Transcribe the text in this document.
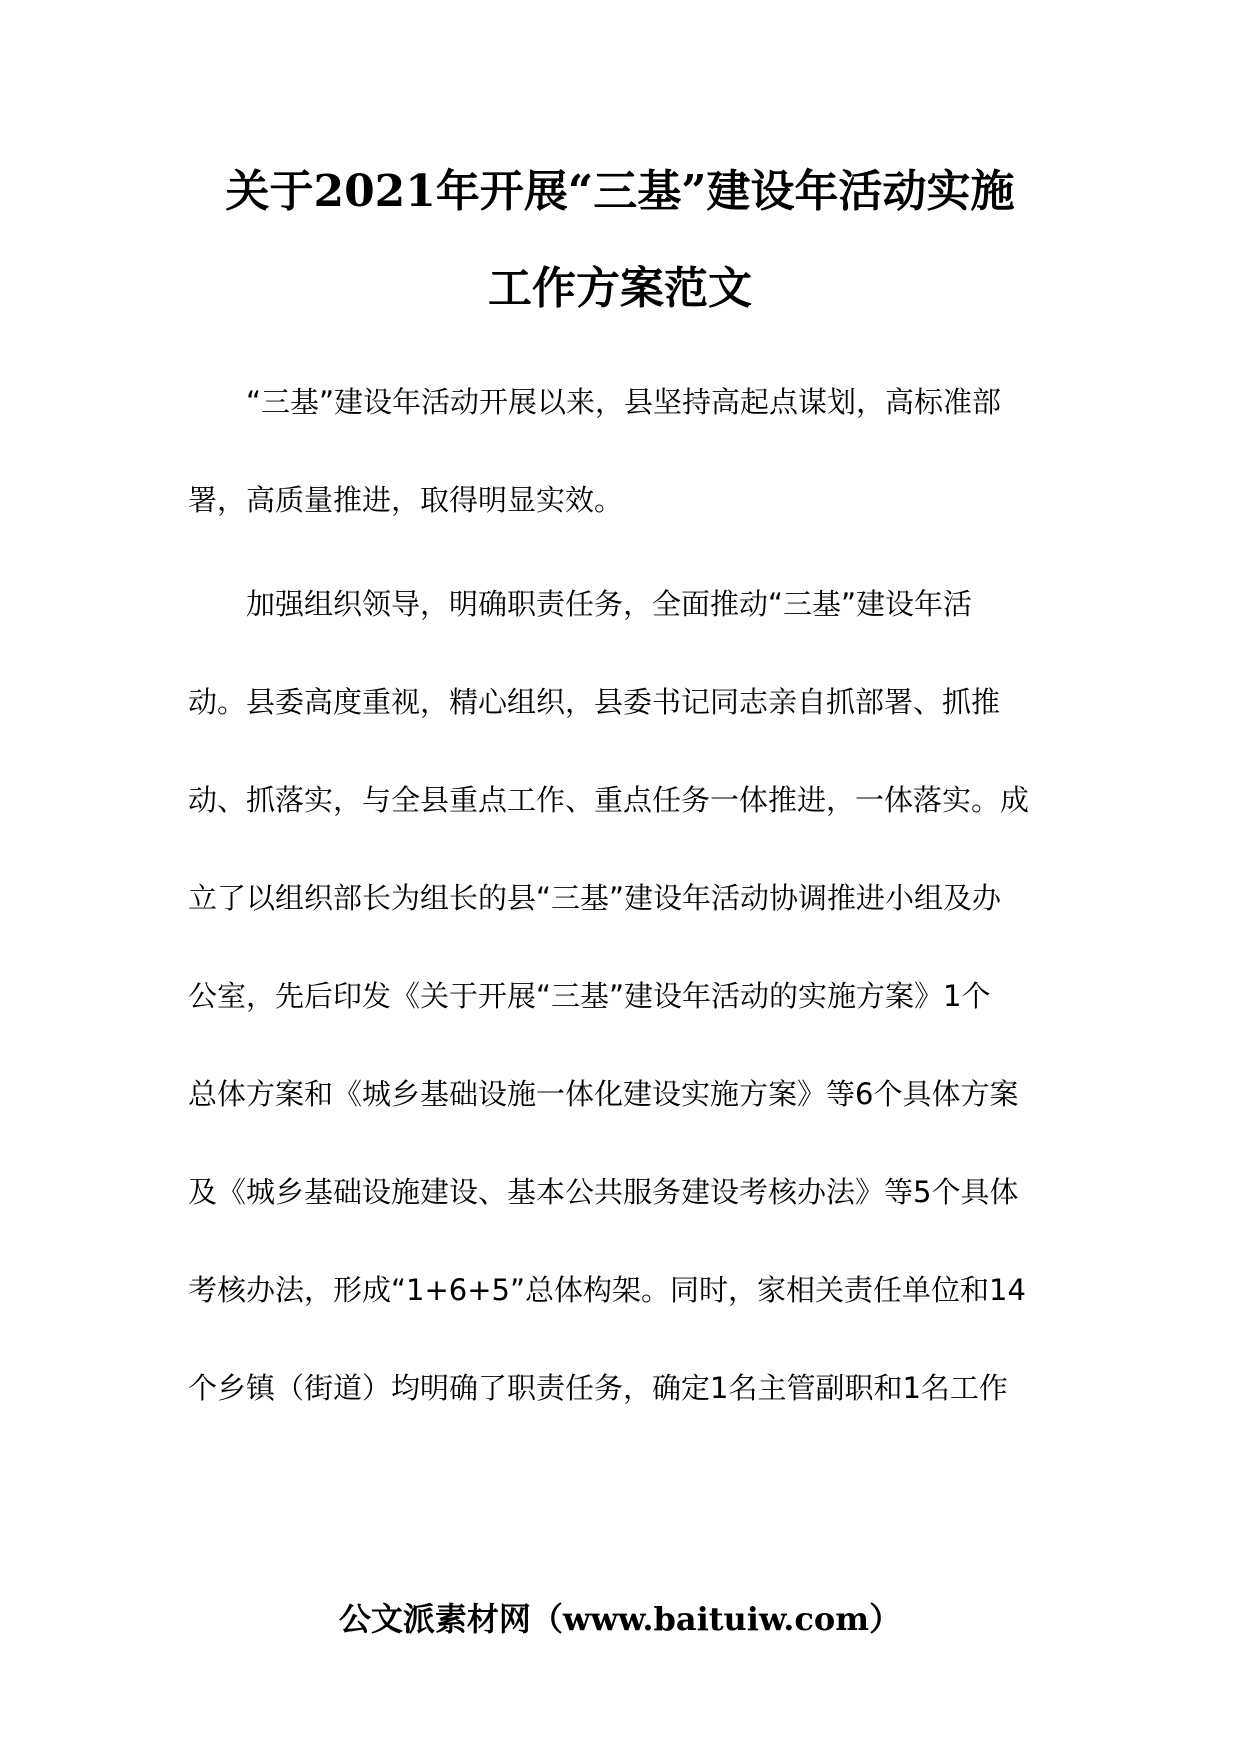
关于2021年开展“三基”建设年活动实施
工作方案范文
“三基”建设年活动开展以来，县坚持高起点谋划，高标准部
署，高质量推进，取得明显实效。
加强组织领导，明确职责任务，全面推动“三基”建设年活
动。县委高度重视，精心组织，县委书记同志亲自抓部署、抓推
动、抓落实，与全县重点工作、重点任务一体推进，一体落实。成
立了以组织部长为组长的县“三基”建设年活动协调推进小组及办
公室，先后印发《关于开展“三基”建设年活动的实施方案》1个
总体方案和《城乡基础设施一体化建设实施方案》等6个具体方案
及《城乡基础设施建设、基本公共服务建设考核办法》等5个具体
考核办法，形成“1+6+5”总体构架。同时，家相关责任单位和14
个乡镇（街道）均明确了职责任务，确定1名主管副职和1名工作
公文派素材网（www.baituiw.com）
